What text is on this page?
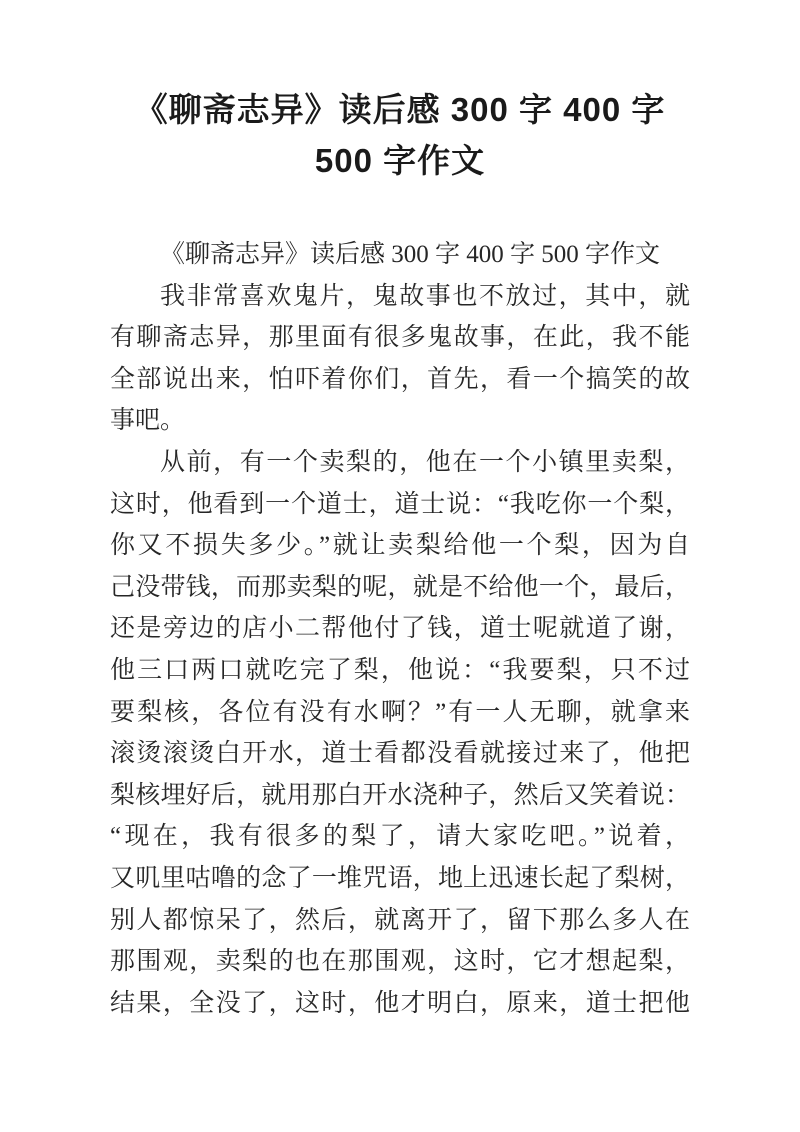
《聊斋志异》读后感 300 字 400 字
500 字作文
《聊斋志异》读后感 300 字 400 字 500 字作文
我非常喜欢鬼片，鬼故事也不放过，其中，就
有聊斋志异，那里面有很多鬼故事，在此，我不能
全部说出来，怕吓着你们，首先，看一个搞笑的故
事吧。
从前，有一个卖梨的，他在一个小镇里卖梨，
这时，他看到一个道士，道士说：“我吃你一个梨，
你又不损失多少。”就让卖梨给他一个梨，因为自
己没带钱，而那卖梨的呢，就是不给他一个，最后，
还是旁边的店小二帮他付了钱，道士呢就道了谢，
他三口两口就吃完了梨，他说：“我要梨，只不过
要梨核，各位有没有水啊？”有一人无聊，就拿来
滚烫滚烫白开水，道士看都没看就接过来了，他把
梨核埋好后，就用那白开水浇种子，然后又笑着说：
“现在，我有很多的梨了，请大家吃吧。”说着，
又叽里咕噜的念了一堆咒语，地上迅速长起了梨树，
别人都惊呆了，然后，就离开了，留下那么多人在
那围观，卖梨的也在那围观，这时，它才想起梨，
结果，全没了，这时，他才明白，原来，道士把他
